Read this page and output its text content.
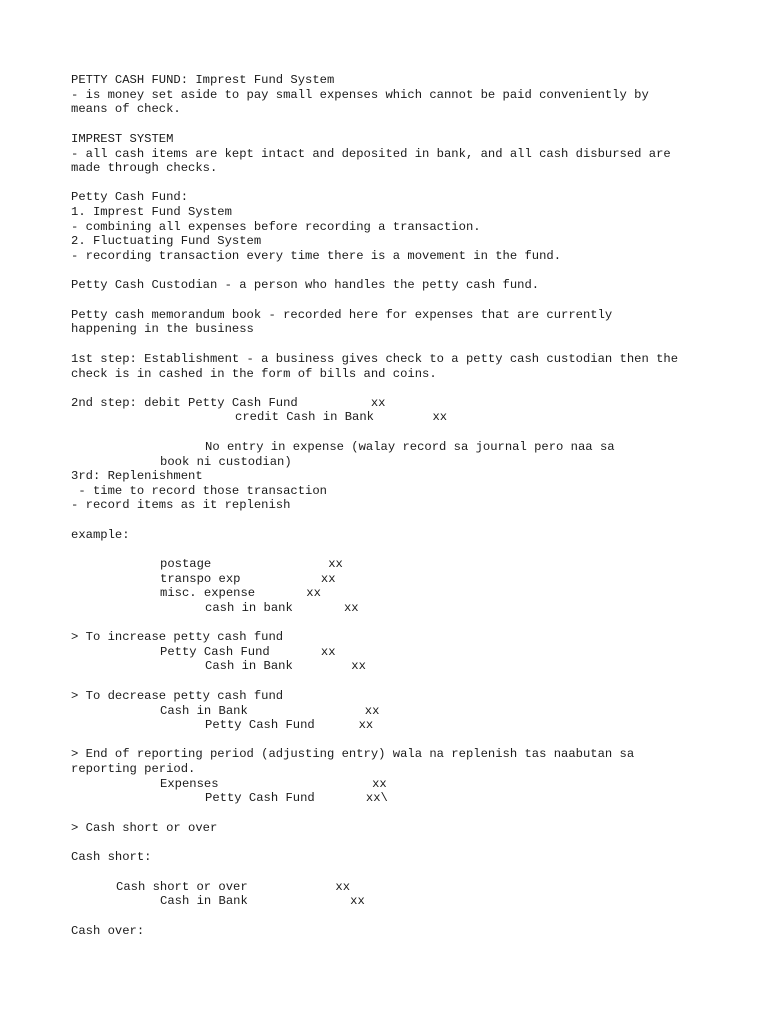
PETTY CASH FUND: Imprest Fund System
- is money set aside to pay small expenses which cannot be paid conveniently by
means of check.
IMPREST SYSTEM
- all cash items are kept intact and deposited in bank, and all cash disbursed are
made through checks.
Petty Cash Fund:
1. Imprest Fund System
- combining all expenses before recording a transaction.
2. Fluctuating Fund System
- recording transaction every time there is a movement in the fund.
Petty Cash Custodian - a person who handles the petty cash fund.
Petty cash memorandum book - recorded here for expenses that are currently
happening in the business
1st step: Establishment - a business gives check to a petty cash custodian then the
check is in cashed in the form of bills and coins.
2nd step: debit Petty Cash Fund          xx
credit Cash in Bank        xx
No entry in expense (walay record sa journal pero naa sa
book ni custodian)
3rd: Replenishment
- time to record those transaction
- record items as it replenish
example:
postage                xx
transpo exp           xx
misc. expense       xx
cash in bank       xx
> To increase petty cash fund
Petty Cash Fund       xx
Cash in Bank        xx
> To decrease petty cash fund
Cash in Bank                xx
Petty Cash Fund      xx
> End of reporting period (adjusting entry) wala na replenish tas naabutan sa
reporting period.
Expenses                     xx
Petty Cash Fund       xx\
> Cash short or over
Cash short:
Cash short or over            xx
Cash in Bank              xx
Cash over:
